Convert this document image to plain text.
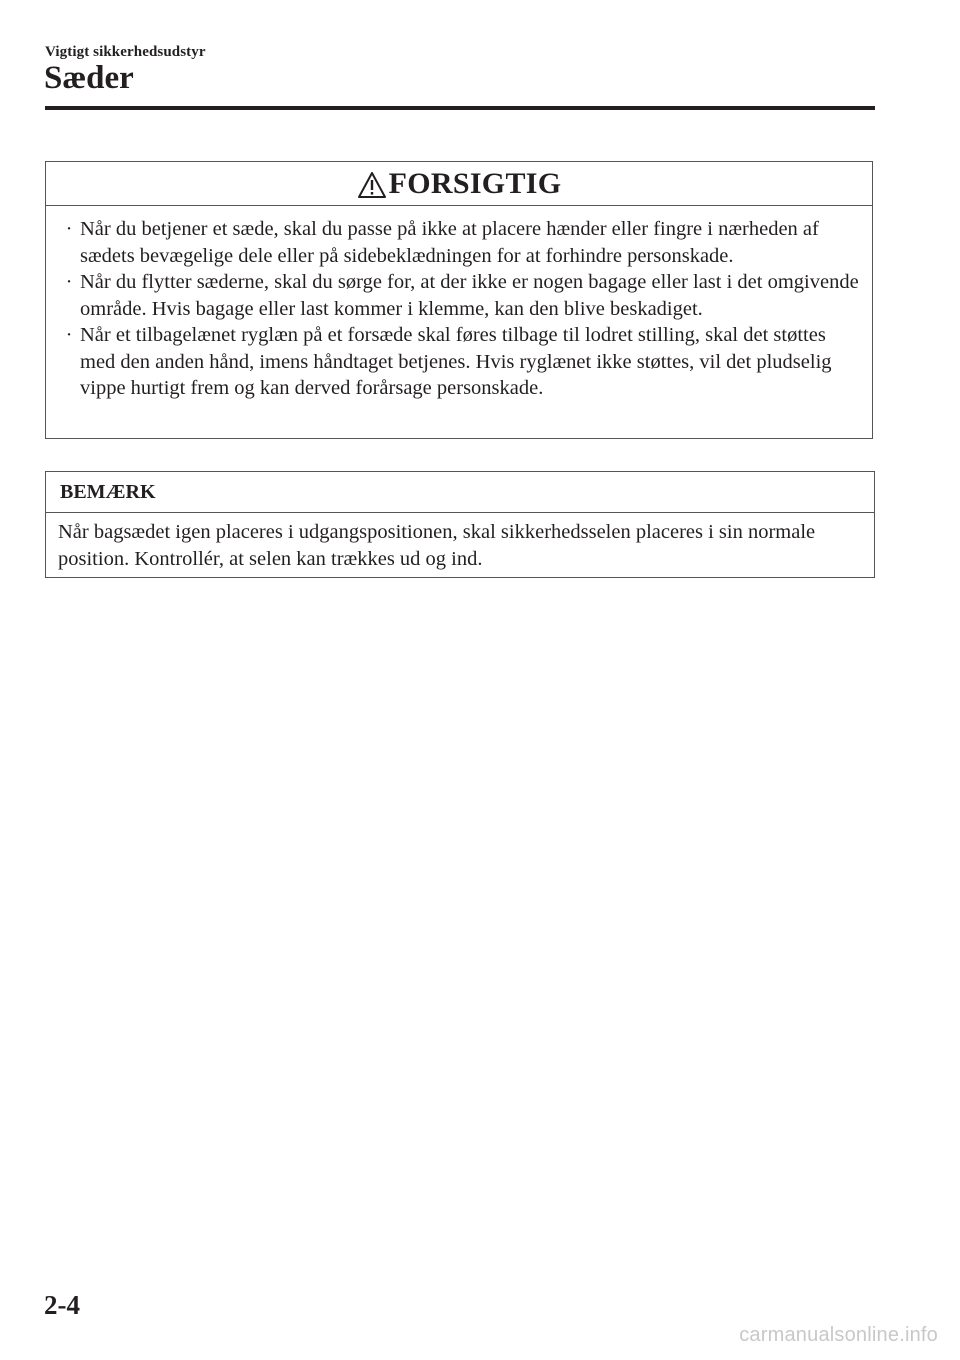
Vigtigt sikkerhedsudstyr
Sæder
FORSIGTIG
· Når du betjener et sæde, skal du passe på ikke at placere hænder eller fingre i nærheden af sædets bevægelige dele eller på sidebeklædningen for at forhindre personskade.
· Når du flytter sæderne, skal du sørge for, at der ikke er nogen bagage eller last i det omgivende område. Hvis bagage eller last kommer i klemme, kan den blive beskadiget.
· Når et tilbagelænet ryglæn på et forsæde skal føres tilbage til lodret stilling, skal det støttes med den anden hånd, imens håndtaget betjenes. Hvis ryglænet ikke støttes, vil det pludselig vippe hurtigt frem og kan derved forårsage personskade.
BEMÆRK
Når bagsædet igen placeres i udgangspositionen, skal sikkerhedsselen placeres i sin normale position. Kontrollér, at selen kan trækkes ud og ind.
2-4
carmanualsonline.info
